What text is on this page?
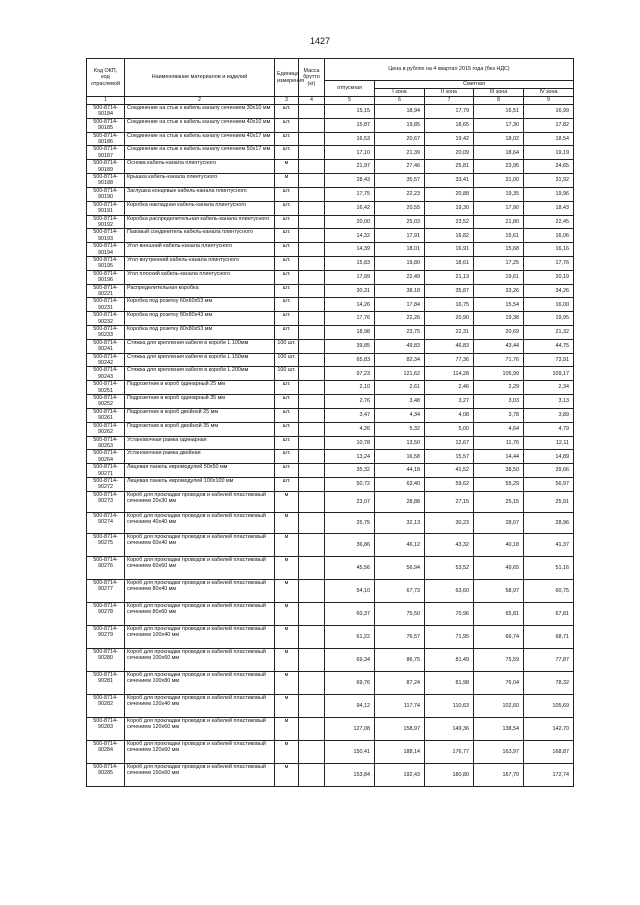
1427
Код ОКП, код отраслевой	Наименование материалов и изделий	Единица измерения	Масса брутто (кг)	Цена в рублях на 4 квартал 2015 года (без НДС)				
				отпускная	Сметная			
					I зона	II зона	III зона	IV зона
1	2	3	4	5	6	7	8	9
500-8714-90184	Соединение на стык к кабель каналу сечением 30х10 мм	шт.		15,15	18,94	17,79	16,51	16,99
500-8714-90185	Соединение на стык к кабель каналу сечением 40х10 мм	шт.		15,87	19,85	18,65	17,30	17,82
500-8714-90186	Соединение на стык к кабель каналу сечением 40х17 мм	шт.		16,53	20,67	19,42	18,02	18,54
500-8714-90187	Соединение на стык к кабель каналу сечением 50х17 мм	шт.		17,10	21,39	20,09	18,64	19,19
500-8714-90189	Основа кабель-канала плинтусного	м		21,97	27,46	25,81	23,95	24,65
500-8714-90188	Крышка кабель-канала плинтусного	м		28,43	35,57	33,41	31,00	31,92
500-8714-90190	Заглушка концевые кабель-канала плинтусного	шт.		17,75	22,23	20,88	19,35	19,96
500-8714-90191	Коробка накладная кабель-канала плинтусного	шт.		16,42	20,55	19,30	17,90	18,43
500-8714-90192	Коробка распределительная кабель-канала плинтусного	шт.		20,00	25,03	23,52	21,80	22,45
500-8714-90193	Пазовый соединитель кабель-канала плинтусного	шт.		14,32	17,91	16,82	15,61	16,06
500-8714-90194	Угол внешний кабель-канала плинтусного	шт.		14,39	18,01	16,91	15,68	16,16
500-8714-90195	Угол внутренний кабель-канала плинтусного	шт.		15,83	19,80	18,61	17,25	17,76
500-8714-90196	Угол плоский кабель-канала плинтусного	шт.		17,99	22,49	21,13	19,61	20,19
500-8714-90221	Распределительная коробка	шт.		30,31	38,18	35,87	33,26	34,26
500-8714-90231	Коробка под розетку 60х60х53 мм	шт.		14,26	17,84	16,75	15,54	16,00
500-8714-90232	Коробка под розетку 80х80х43 мм	шт.		17,76	22,26	20,90	19,38	19,95
500-8714-90233	Коробка под розетку 80х80х53 мм	шт.		18,98	23,75	22,31	20,69	21,32
500-8714-90241	Стяжка для крепления кабеля в коробе L 100мм	100 шт.		39,85	49,83	46,83	43,44	44,75
500-8714-90242	Стяжка для крепления кабеля в коробе L 150мм	100 шт.		65,83	82,34	77,36	71,76	73,91
500-8714-90243	Стяжка для крепления кабеля в коробе L 200мм	100 шт.		97,23	121,62	114,28	105,99	109,17
500-8714-90251	Подрозетник в короб одинарный 25 мм	шт.		2,10	2,61	2,46	2,29	2,34
500-8714-90252	Подрозетник в короб одинарный 35 мм	шт.		2,76	3,48	3,27	3,03	3,13
500-8714-90261	Подрозетник в короб двойной 25 мм	шт.		3,47	4,34	4,08	3,78	3,89
500-8714-90262	Подрозетник в короб двойной 35 мм	шт.		4,26	5,32	5,00	4,64	4,79
500-8714-90263	Установочная рамка одинарная	шт.		10,78	13,50	12,67	11,76	12,11
500-8714-90264	Установочная рамка двойная	шт.		13,24	16,58	15,57	14,44	14,89
500-8714-90271	Лицевая панель евромодулей 50х50 мм	шт.		35,32	44,18	41,52	38,50	39,66
500-8714-90272	Лицевая панель евромодулей 100х100 мм	шт.		50,72	63,40	59,62	55,29	56,97
500-8714-90273	Короб для прокладки проводов и кабелей пластиковый сечением 20х30 мм	м		23,07	28,88	27,15	25,15	25,91
500-8714-90274	Короб для прокладки проводов и кабелей пластиковый сечением 40х40 мм	м		25,75	32,13	30,23	28,07	28,96
500-8714-90275	Короб для прокладки проводов и кабелей пластиковый сечением 60х40 мм	м		36,86	46,12	43,32	40,18	41,37
500-8714-90276	Короб для прокладки проводов и кабелей пластиковый сечением 60х60 мм	м		45,56	56,94	53,52	49,65	51,16
500-8714-90277	Короб для прокладки проводов и кабелей пластиковый сечением 80х40 мм	м		54,10	67,73	63,60	58,97	60,75
500-8714-90278	Короб для прокладки проводов и кабелей пластиковый сечением 80х60 мм	м		60,37	75,50	70,96	65,81	67,81
500-8714-90279	Короб для прокладки проводов и кабелей пластиковый сечением 100х40 мм	м		61,22	76,57	71,95	66,74	68,71
500-8714-90280	Короб для прокладки проводов и кабелей пластиковый сечением 100х60 мм	м		69,34	86,75	81,49	75,59	77,87
500-8714-90281	Короб для прокладки проводов и кабелей пластиковый сечением 100х80 мм	м		69,76	87,24	81,98	76,04	78,32
500-8714-90282	Короб для прокладки проводов и кабелей пластиковый сечением 120х40 мм	м		94,12	117,74	110,63	102,60	105,69
500-8714-90283	Короб для прокладки проводов и кабелей пластиковый сечением 120х60 мм	м		127,08	158,97	149,36	138,54	142,70
500-8714-90284	Короб для прокладки проводов и кабелей пластиковый сечением 120х60 мм	м		150,41	188,14	176,77	163,97	168,87
500-8714-90285	Короб для прокладки проводов и кабелей пластиковый сечением 150х60 мм	м		153,84	192,43	180,80	167,70	172,74
